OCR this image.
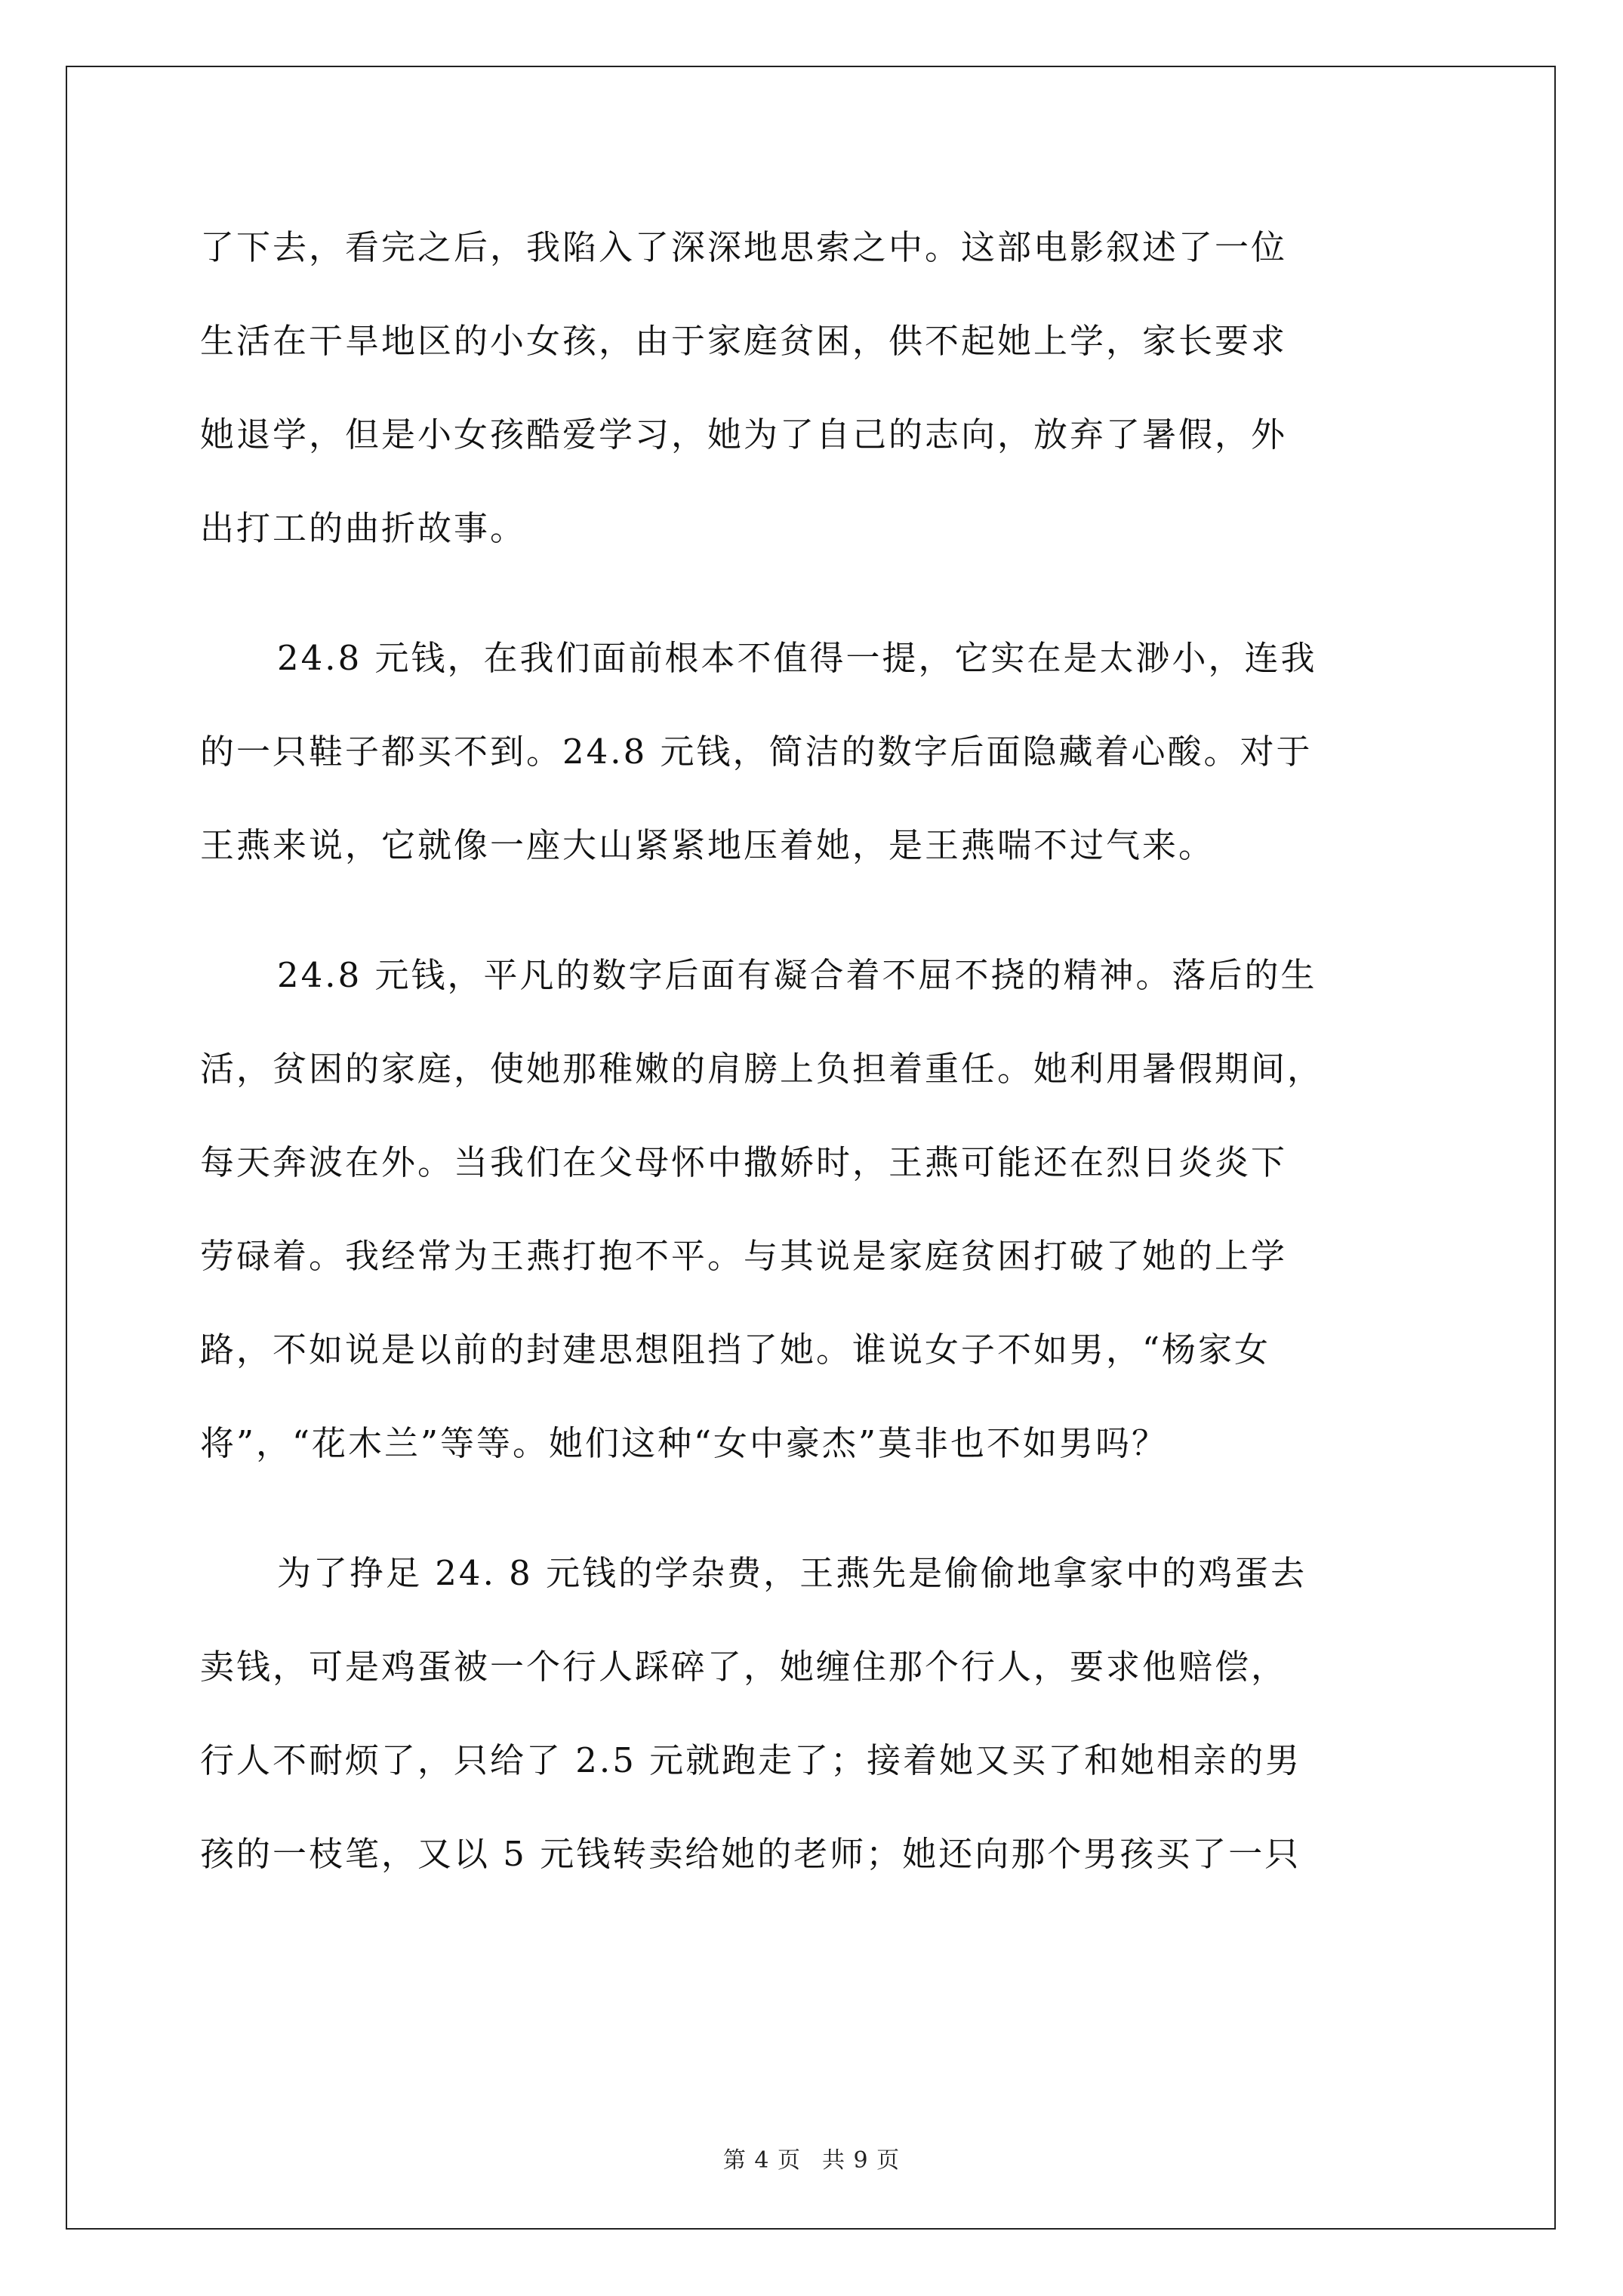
了下去，看完之后，我陷入了深深地思索之中。这部电影叙述了一位
生活在干旱地区的小女孩，由于家庭贫困，供不起她上学，家长要求
她退学，但是小女孩酷爱学习，她为了自己的志向，放弃了暑假，外
出打工的曲折故事。
24.8 元钱，在我们面前根本不值得一提，它实在是太渺小，连我
的一只鞋子都买不到。24.8 元钱，简洁的数字后面隐藏着心酸。对于
王燕来说，它就像一座大山紧紧地压着她，是王燕喘不过气来。
24.8 元钱，平凡的数字后面有凝合着不屈不挠的精神。落后的生
活，贫困的家庭，使她那稚嫩的肩膀上负担着重任。她利用暑假期间，
每天奔波在外。当我们在父母怀中撒娇时，王燕可能还在烈日炎炎下
劳碌着。我经常为王燕打抱不平。与其说是家庭贫困打破了她的上学
路，不如说是以前的封建思想阻挡了她。谁说女子不如男，“杨家女
将”，“花木兰”等等。她们这种“女中豪杰”莫非也不如男吗？
为了挣足 24. 8 元钱的学杂费，王燕先是偷偷地拿家中的鸡蛋去
卖钱，可是鸡蛋被一个行人踩碎了，她缠住那个行人，要求他赔偿，
行人不耐烦了，只给了 2.5 元就跑走了；接着她又买了和她相亲的男
孩的一枝笔，又以 5 元钱转卖给她的老师；她还向那个男孩买了一只
第 4 页 共 9 页
